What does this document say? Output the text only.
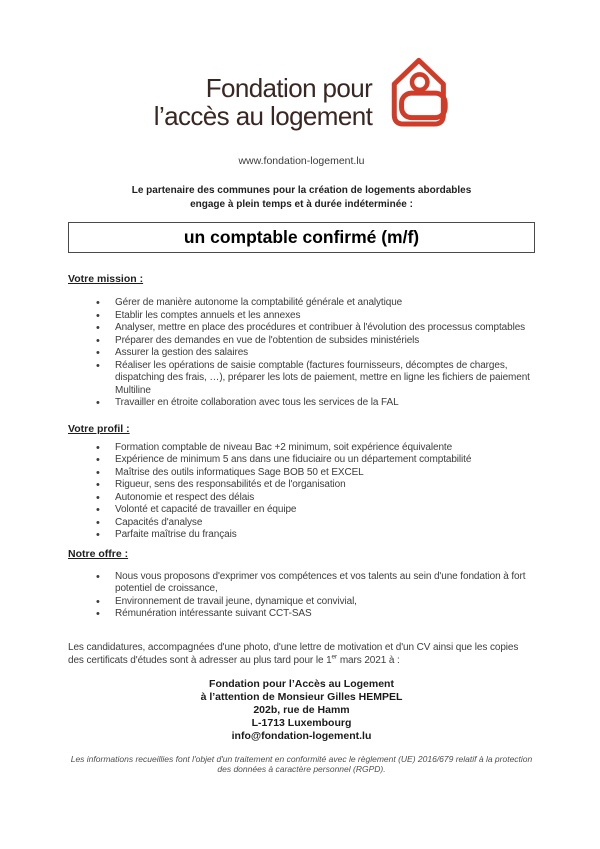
Fondation pour
l’accès au logement
www.fondation-logement.lu
Le partenaire des communes pour la création de logements abordables
engage à plein temps et à durée indéterminée :
un comptable confirmé (m/f)
Votre mission :
• Gérer de manière autonome la comptabilité générale et analytique
• Etablir les comptes annuels et les annexes
• Analyser, mettre en place des procédures et contribuer à l'évolution des processus comptables
• Préparer des demandes en vue de l'obtention de subsides ministériels
• Assurer la gestion des salaires
• Réaliser les opérations de saisie comptable (factures fournisseurs, décomptes de charges, dispatching des frais, …), préparer les lots de paiement, mettre en ligne les fichiers de paiement Multiline
• Travailler en étroite collaboration avec tous les services de la FAL
Votre profil :
• Formation comptable de niveau Bac +2 minimum, soit expérience équivalente
• Expérience de minimum 5 ans dans une fiduciaire ou un département comptabilité
• Maîtrise des outils informatiques Sage BOB 50 et EXCEL
• Rigueur, sens des responsabilités et de l'organisation
• Autonomie et respect des délais
• Volonté et capacité de travailler en équipe
• Capacités d'analyse
• Parfaite maîtrise du français
Notre offre :
• Nous vous proposons d'exprimer vos compétences et vos talents au sein d'une fondation à fort potentiel de croissance,
• Environnement de travail jeune, dynamique et convivial,
• Rémunération intéressante suivant CCT-SAS

Les candidatures, accompagnées d'une photo, d'une lettre de motivation et d'un CV ainsi que les copies des certificats d'études sont à adresser au plus tard pour le 1er mars 2021 à :

Fondation pour l’Accès au Logement
à l’attention de Monsieur Gilles HEMPEL
202b, rue de Hamm
L-1713 Luxembourg
info@fondation-logement.lu
Les informations recueillies font l'objet d'un traitement en conformité avec le règlement (UE) 2016/679 relatif à la protection des données à caractère personnel (RGPD).
